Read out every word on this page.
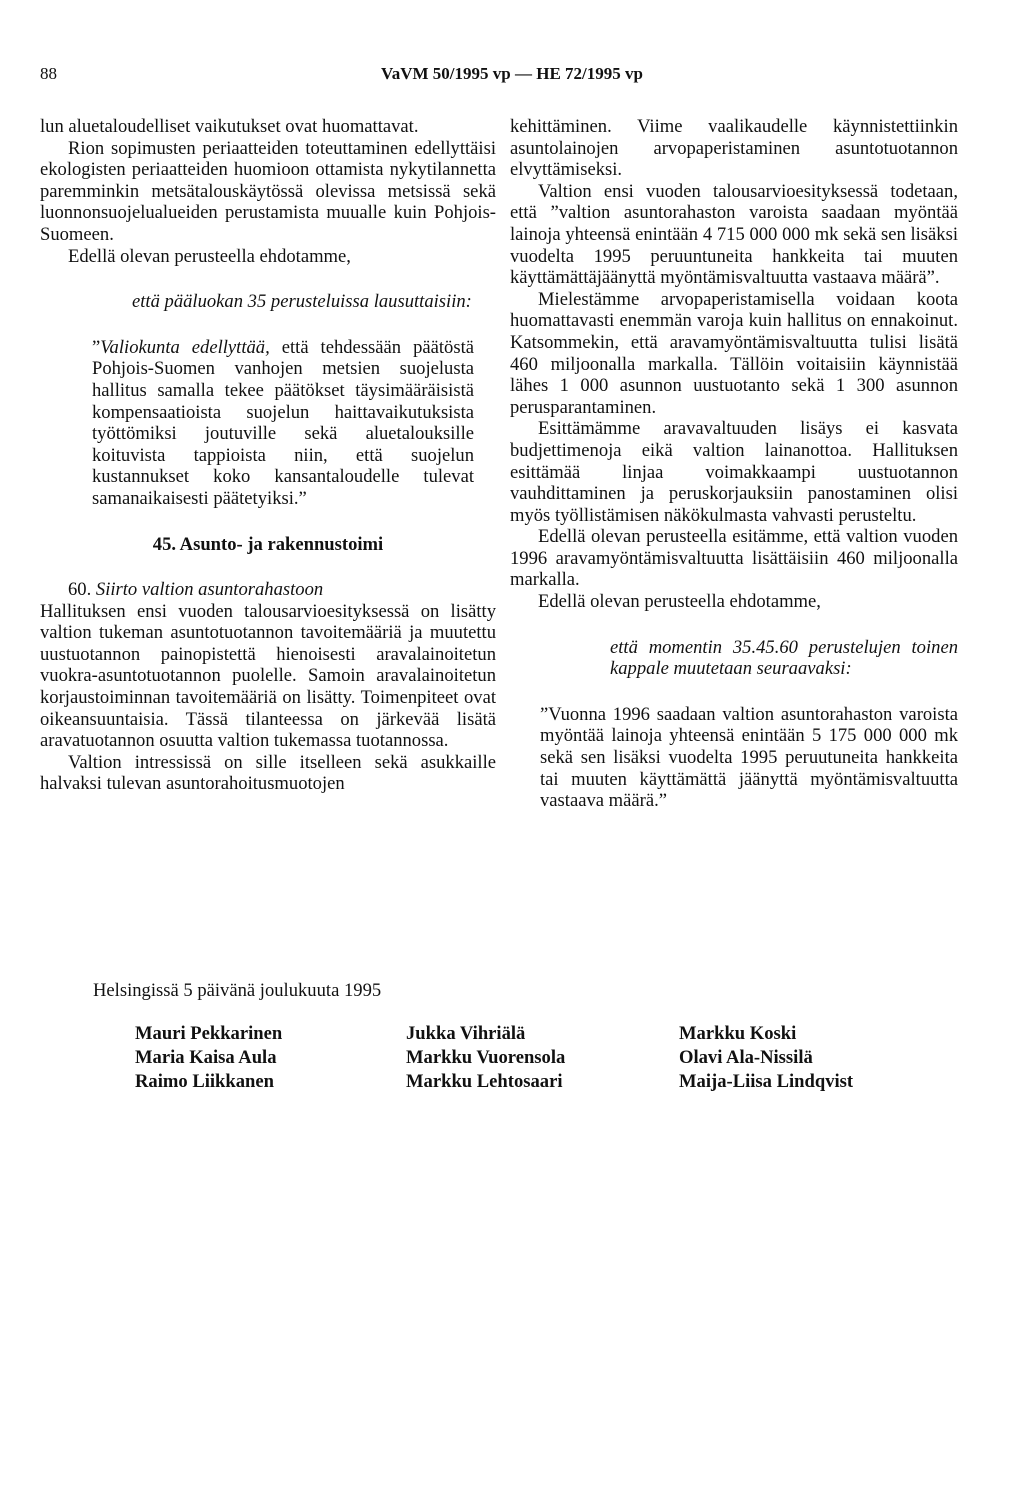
88	VaVM 50/1995 vp — HE 72/1995 vp

lun aluetaloudelliset vaikutukset ovat huomattavat.

Rion sopimusten periaatteiden toteuttaminen edellyttäisi ekologisten periaatteiden huomioon ottamista nykytilannetta paremminkin metsätalouskäytössä olevissa metsissä sekä luonnonsuojelualueiden perustamista muualle kuin Pohjois-Suomeen.

Edellä olevan perusteella ehdotamme,

että pääluokan 35 perusteluissa lausuttaisiin:

”Valiokunta edellyttää, että tehdessään päätöstä Pohjois-Suomen vanhojen metsien suojelusta hallitus samalla tekee päätökset täysimääräisistä kompensaatioista suojelun haittavaikutuksista työttömiksi joutuville sekä aluetalouksille koituvista tappioista niin, että suojelun kustannukset koko kansantaloudelle tulevat samanaikaisesti päätetyiksi.”

45. Asunto- ja rakennustoimi

60. Siirto valtion asuntorahastoon

Hallituksen ensi vuoden talousarvioesityksessä on lisätty valtion tukeman asuntotuotannon tavoitemääriä ja muutettu uustuotannon painopistettä hienoisesti aravalainoitetun vuokra-asuntotuotannon puolelle. Samoin aravalainoitetun korjaustoiminnan tavoitemääriä on lisätty. Toimenpiteet ovat oikeansuuntaisia. Tässä tilanteessa on järkevää lisätä aravatuotannon osuutta valtion tukemassa tuotannossa.

Valtion intressissä on sille itselleen sekä asukkaille halvaksi tulevan asuntorahoitusmuotojen

kehittäminen. Viime vaalikaudelle käynnistettiinkin asuntolainojen arvopaperistaminen asuntotuotannon elvyttämiseksi.

Valtion ensi vuoden talousarvioesityksessä todetaan, että ”valtion asuntorahaston varoista saadaan myöntää lainoja yhteensä enintään 4 715 000 000 mk sekä sen lisäksi vuodelta 1995 peruuntuneita hankkeita tai muuten käyttämättäjäänyttä myöntämisvaltuutta vastaava määrä”.

Mielestämme arvopaperistamisella voidaan koota huomattavasti enemmän varoja kuin hallitus on ennakoinut. Katsommekin, että aravamyöntämisvaltuutta tulisi lisätä 460 miljoonalla markalla. Tällöin voitaisiin käynnistää lähes 1 000 asunnon uustuotanto sekä 1 300 asunnon perusparantaminen.

Esittämämme aravavaltuuden lisäys ei kasvata budjettimenoja eikä valtion lainanottoa. Hallituksen esittämää linjaa voimakkaampi uustuotannon vauhdittaminen ja peruskorjauksiin panostaminen olisi myös työllistämisen näkökulmasta vahvasti perusteltu.

Edellä olevan perusteella esitämme, että valtion vuoden 1996 aravamyöntämisvaltuutta lisättäisiin 460 miljoonalla markalla.

Edellä olevan perusteella ehdotamme,

että momentin 35.45.60 perustelujen toinen kappale muutetaan seuraavaksi:

”Vuonna 1996 saadaan valtion asuntorahaston varoista myöntää lainoja yhteensä enintään 5 175 000 000 mk sekä sen lisäksi vuodelta 1995 peruutuneita hankkeita tai muuten käyttämättä jäänyttä myöntämisvaltuutta vastaava määrä.”

Helsingissä 5 päivänä joulukuuta 1995
Mauri Pekkarinen
Maria Kaisa Aula
Raimo Liikkanen
Jukka Vihriälä
Markku Vuorensola
Markku Lehtosaari
Markku Koski
Olavi Ala-Nissilä
Maija-Liisa Lindqvist
